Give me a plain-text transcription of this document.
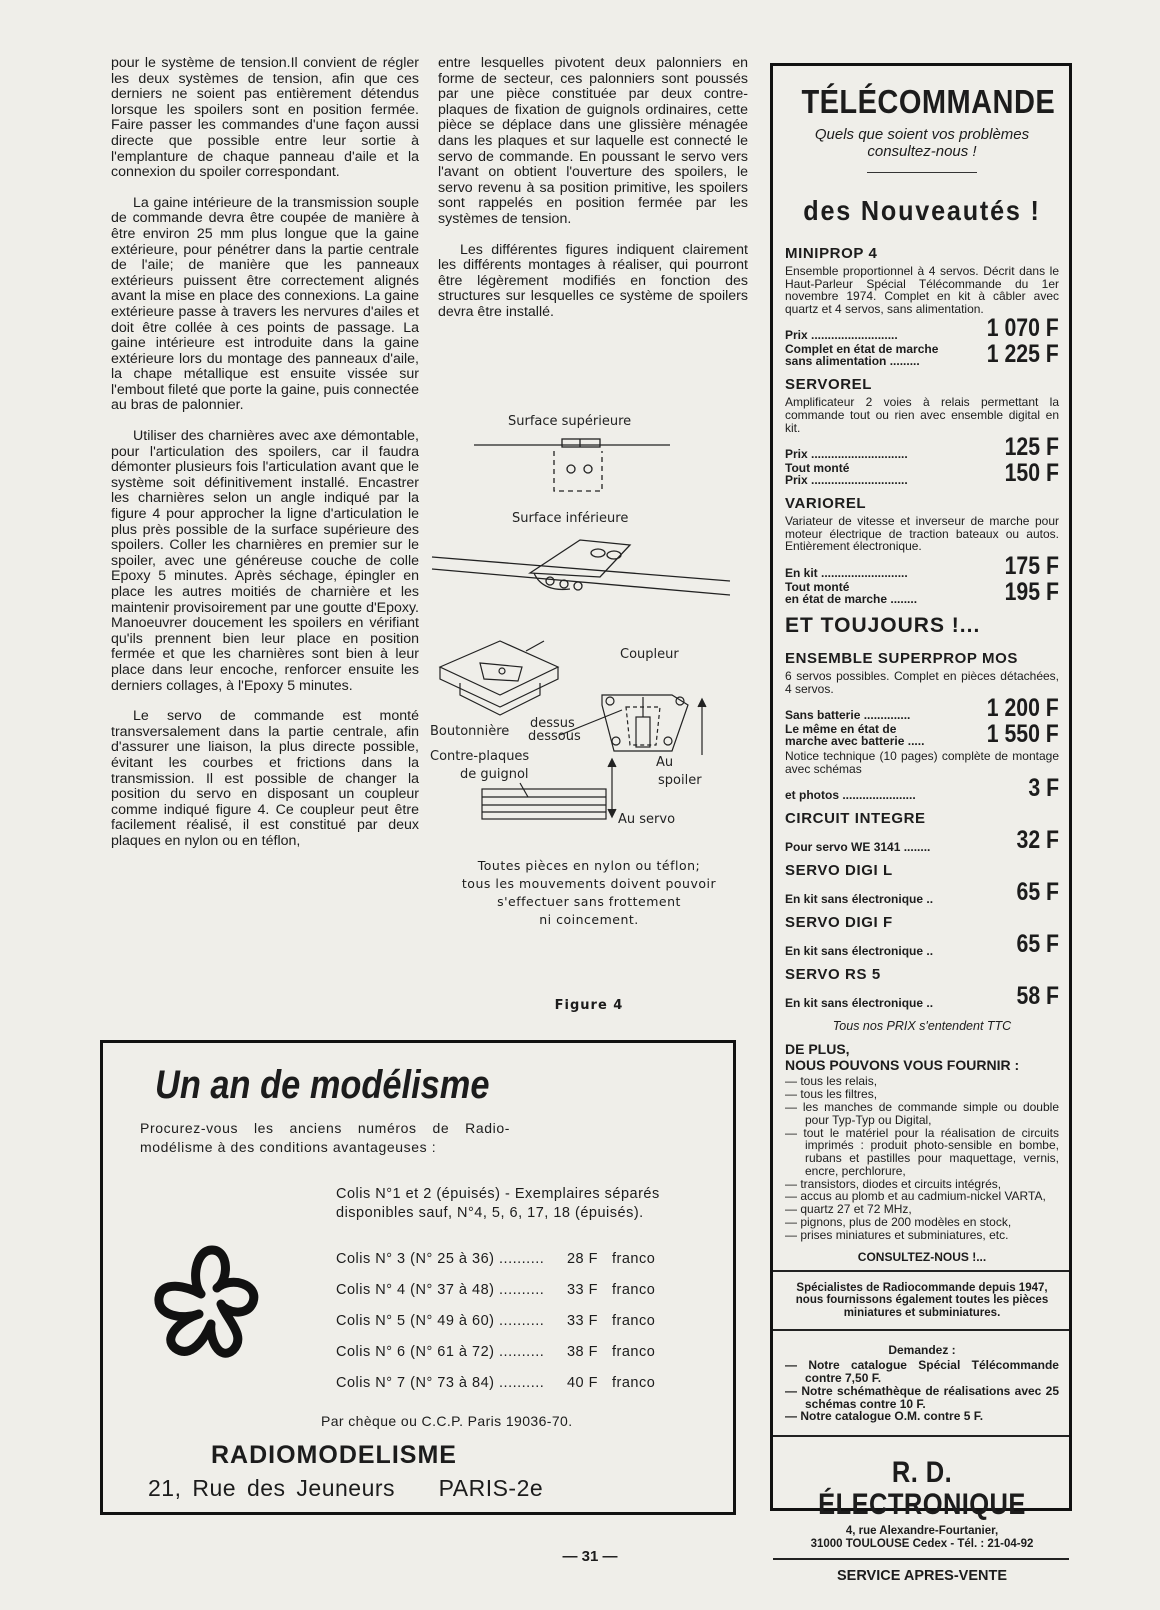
pour le système de tension.Il convient de régler les deux systèmes de tension, afin que ces derniers ne soient pas entièrement détendus lorsque les spoilers sont en position fermée. Faire passer les commandes d'une façon aussi directe que possible entre leur sortie à l'emplanture de chaque panneau d'aile et la connexion du spoiler correspondant.

La gaine intérieure de la transmission souple de commande devra être coupée de manière à être environ 25 mm plus longue que la gaine extérieure, pour pénétrer dans la partie centrale de l'aile; de manière que les panneaux extérieurs puissent être correctement alignés avant la mise en place des connexions. La gaine extérieure passe à travers les nervures d'ailes et doit être collée à ces points de passage. La gaine intérieure est introduite dans la gaine extérieure lors du montage des panneaux d'aile, la chape métallique est ensuite vissée sur l'embout fileté que porte la gaine, puis connectée au bras de palonnier.

Utiliser des charnières avec axe démontable, pour l'articulation des spoilers, car il faudra démonter plusieurs fois l'articulation avant que le système soit définitivement installé. Encastrer les charnières selon un angle indiqué par la figure 4 pour approcher la ligne d'articulation le plus près possible de la surface supérieure des spoilers. Coller les charnières en premier sur le spoiler, avec une généreuse couche de colle Epoxy 5 minutes. Après séchage, épingler en place les autres moitiés de charnière et les maintenir provisoirement par une goutte d'Epoxy. Manoeuvrer doucement les spoilers en vérifiant qu'ils prennent bien leur place en position fermée et que les charnières sont bien à leur place dans leur encoche, renforcer ensuite les derniers collages, à l'Epoxy 5 minutes.

Le servo de commande est monté transversalement dans la partie centrale, afin d'assurer une liaison, la plus directe possible, évitant les courbes et frictions dans la transmission. Il est possible de changer la position du servo en disposant un coupleur comme indiqué figure 4. Ce coupleur peut être facilement réalisé, il est constitué par deux plaques en nylon ou en téflon,

entre lesquelles pivotent deux palonniers en forme de secteur, ces palonniers sont poussés par une pièce constituée par deux contre-plaques de fixation de guignols ordinaires, cette pièce se déplace dans une glissière ménagée dans les plaques et sur laquelle est connecté le servo de commande. En poussant le servo vers l'avant on obtient l'ouverture des spoilers, le servo revenu à sa position primitive, les spoilers sont rappelés en position fermée par les systèmes de tension.

Les différentes figures indiquent clairement les différents montages à réaliser, qui pourront être légèrement modifiés en fonction des structures sur lesquelles ce système de spoilers devra être installé.

Surface supérieure
Surface inférieure
Coupleur
Boutonnière
dessus
dessous
Contre-plaques
de guignol
Au
spoiler
Au servo
Toutes pièces en nylon ou téflon;
tous les mouvements doivent pouvoir
s'effectuer sans frottement
ni coincement.
Figure 4
TÉLÉCOMMANDE
Quels que soient vos problèmes consultez-nous !
des Nouveautés !
MINIPROP 4
Ensemble proportionnel à 4 servos. Décrit dans le Haut-Parleur Spécial Télécommande du 1er novembre 1974. Complet en kit à câbler avec quartz et 4 servos, sans alimentation.
Prix ..........................	1 070 F
Complet en état de marche
sans alimentation .........	1 225 F
SERVOREL
Amplificateur 2 voies à relais permettant la commande tout ou rien avec ensemble digital en kit.
Prix .............................	125 F
Tout monté
Prix .............................	150 F
VARIOREL
Variateur de vitesse et inverseur de marche pour moteur électrique de traction bateaux ou autos. Entièrement électronique.
En kit ..........................	175 F
Tout monté
en état de marche ........	195 F
ET TOUJOURS !...
ENSEMBLE SUPERPROP MOS
6 servos possibles. Complet en pièces détachées, 4 servos.
Sans batterie ..............	1 200 F
Le même en état de
marche avec batterie .....	1 550 F
Notice technique (10 pages) complète de montage avec schémas
et photos ......................	3 F
CIRCUIT INTEGRE
Pour servo WE 3141 ........	32 F
SERVO DIGI L
En kit sans électronique ..	65 F
SERVO DIGI F
En kit sans électronique ..	65 F
SERVO RS 5
En kit sans électronique ..	58 F
Tous nos PRIX s'entendent TTC
DE PLUS,
NOUS POUVONS VOUS FOURNIR :
— tous les relais,
— tous les filtres,
— les manches de commande simple ou double pour Typ-Typ ou Digital,
— tout le matériel pour la réalisation de circuits imprimés : produit photo-sensible en bombe, rubans et pastilles pour maquettage, vernis, encre, perchlorure,
— transistors, diodes et circuits intégrés,
— accus au plomb et au cadmium-nickel VARTA,
— quartz 27 et 72 MHz,
— pignons, plus de 200 modèles en stock,
— prises miniatures et subminiatures, etc.
CONSULTEZ-NOUS !...
Spécialistes de Radiocommande depuis 1947, nous fournissons également toutes les pièces miniatures et subminiatures.
Demandez :
— Notre catalogue Spécial Télécommande contre 7,50 F.
— Notre schémathèque de réalisations avec 25 schémas contre 10 F.
— Notre catalogue O.M. contre 5 F.
R. D. ÉLECTRONIQUE
4, rue Alexandre-Fourtanier,
31000 TOULOUSE Cedex - Tél. : 21-04-92
SERVICE APRES-VENTE
Un an de modélisme
Procurez-vous les anciens numéros de Radio-modélisme à des conditions avantageuses :
Colis N°1 et 2 (épuisés) - Exemplaires séparés disponibles sauf, N°4, 5, 6, 17, 18 (épuisés).
Colis N° 3 (N° 25 à 36) ..........	28 F franco
Colis N° 4 (N° 37 à 48) ..........	33 F franco
Colis N° 5 (N° 49 à 60) ..........	33 F franco
Colis N° 6 (N° 61 à 72) ..........	38 F franco
Colis N° 7 (N° 73 à 84) ..........	40 F franco
Par chèque ou C.C.P. Paris 19036-70.
RADIOMODELISME
21, Rue des Jeuneurs PARIS-2e
— 31 —
